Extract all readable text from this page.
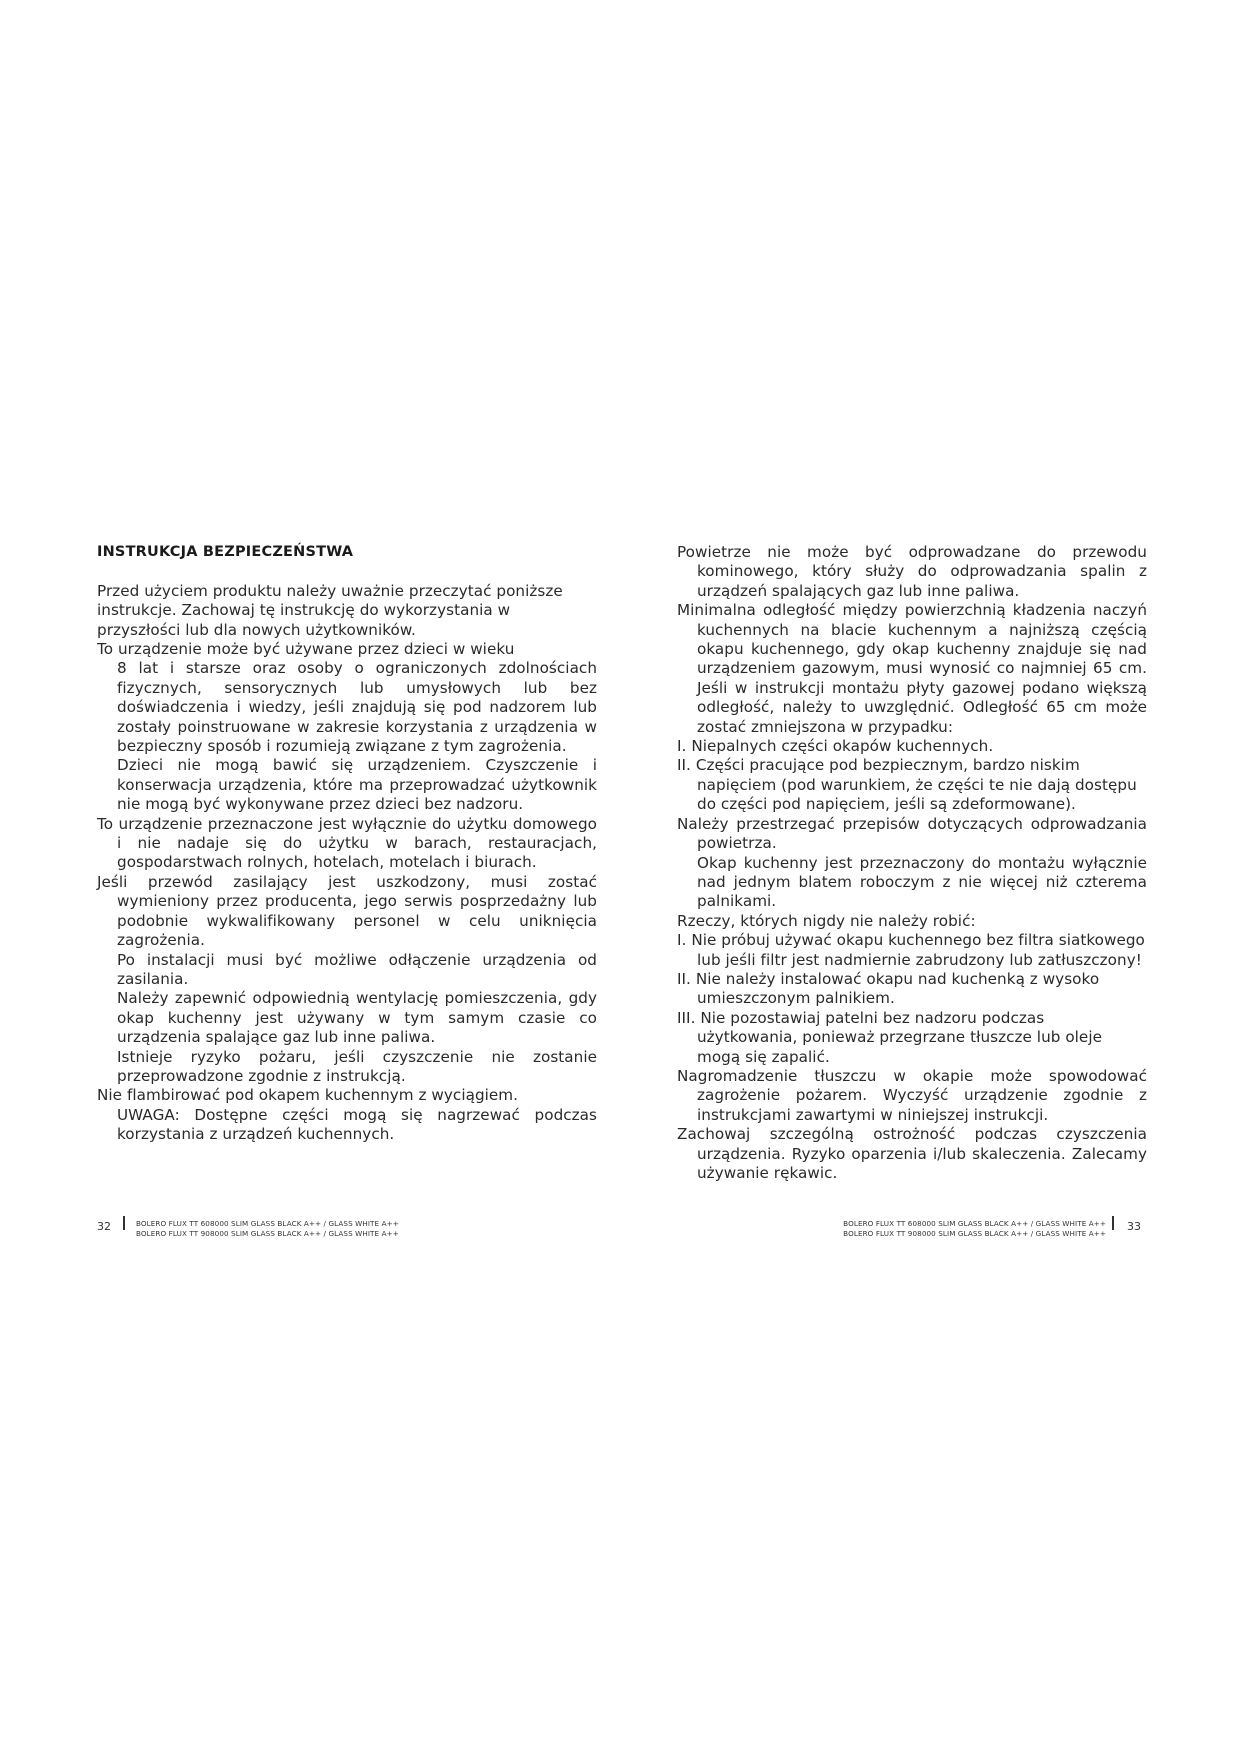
INSTRUKCJA BEZPIECZEŃSTWA

Przed użyciem produktu należy uważnie przeczytać poniższe instrukcje. Zachowaj tę instrukcję do wykorzystania w przyszłości lub dla nowych użytkowników.

To urządzenie może być używane przez dzieci w wieku
8 lat i starsze oraz osoby o ograniczonych zdolnościach fizycznych, sensorycznych lub umysłowych lub bez doświadczenia i wiedzy, jeśli znajdują się pod nadzorem lub zostały poinstruowane w zakresie korzystania z urządzenia w bezpieczny sposób i rozumieją związane z tym zagrożenia.
Dzieci nie mogą bawić się urządzeniem. Czyszczenie i konserwacja urządzenia, które ma przeprowadzać użytkownik nie mogą być wykonywane przez dzieci bez nadzoru.
To urządzenie przeznaczone jest wyłącznie do użytku domowego i nie nadaje się do użytku w barach, restauracjach, gospodarstwach rolnych, hotelach, motelach i biurach.
Jeśli przewód zasilający jest uszkodzony, musi zostać wymieniony przez producenta, jego serwis posprzedażny lub podobnie wykwalifikowany personel w celu uniknięcia zagrożenia.
Po instalacji musi być możliwe odłączenie urządzenia od zasilania.
Należy zapewnić odpowiednią wentylację pomieszczenia, gdy okap kuchenny jest używany w tym samym czasie co urządzenia spalające gaz lub inne paliwa.
Istnieje ryzyko pożaru, jeśli czyszczenie nie zostanie przeprowadzone zgodnie z instrukcją.
Nie flambirować pod okapem kuchennym z wyciągiem.
UWAGA: Dostępne części mogą się nagrzewać podczas korzystania z urządzeń kuchennych.
Powietrze nie może być odprowadzane do przewodu kominowego, który służy do odprowadzania spalin z urządzeń spalających gaz lub inne paliwa.
Minimalna odległość między powierzchnią kładzenia naczyń kuchennych na blacie kuchennym a najniższą częścią okapu kuchennego, gdy okap kuchenny znajduje się nad urządzeniem gazowym, musi wynosić co najmniej 65 cm. Jeśli w instrukcji montażu płyty gazowej podano większą odległość, należy to uwzględnić. Odległość 65 cm może zostać zmniejszona w przypadku:
I. Niepalnych części okapów kuchennych.
II. Części pracujące pod bezpiecznym, bardzo niskim napięciem (pod warunkiem, że części te nie dają dostępu do części pod napięciem, jeśli są zdeformowane).
Należy przestrzegać przepisów dotyczących odprowadzania powietrza.
Okap kuchenny jest przeznaczony do montażu wyłącznie nad jednym blatem roboczym z nie więcej niż czterema palnikami.
Rzeczy, których nigdy nie należy robić:
I. Nie próbuj używać okapu kuchennego bez filtra siatkowego lub jeśli filtr jest nadmiernie zabrudzony lub zatłuszczony!
II. Nie należy instalować okapu nad kuchenką z wysoko umieszczonym palnikiem.
III. Nie pozostawiaj patelni bez nadzoru podczas użytkowania, ponieważ przegrzane tłuszcze lub oleje mogą się zapalić.
Nagromadzenie tłuszczu w okapie może spowodować zagrożenie pożarem. Wyczyść urządzenie zgodnie z instrukcjami zawartymi w niniejszej instrukcji.
Zachowaj szczególną ostrożność podczas czyszczenia urządzenia. Ryzyko oparzenia i/lub skaleczenia. Zalecamy używanie rękawic.
32	BOLERO FLUX TT 608000 SLIM GLASS BLACK A++ / GLASS WHITE A++
BOLERO FLUX TT 908000 SLIM GLASS BLACK A++ / GLASS WHITE A++
BOLERO FLUX TT 608000 SLIM GLASS BLACK A++ / GLASS WHITE A++
BOLERO FLUX TT 908000 SLIM GLASS BLACK A++ / GLASS WHITE A++
33
